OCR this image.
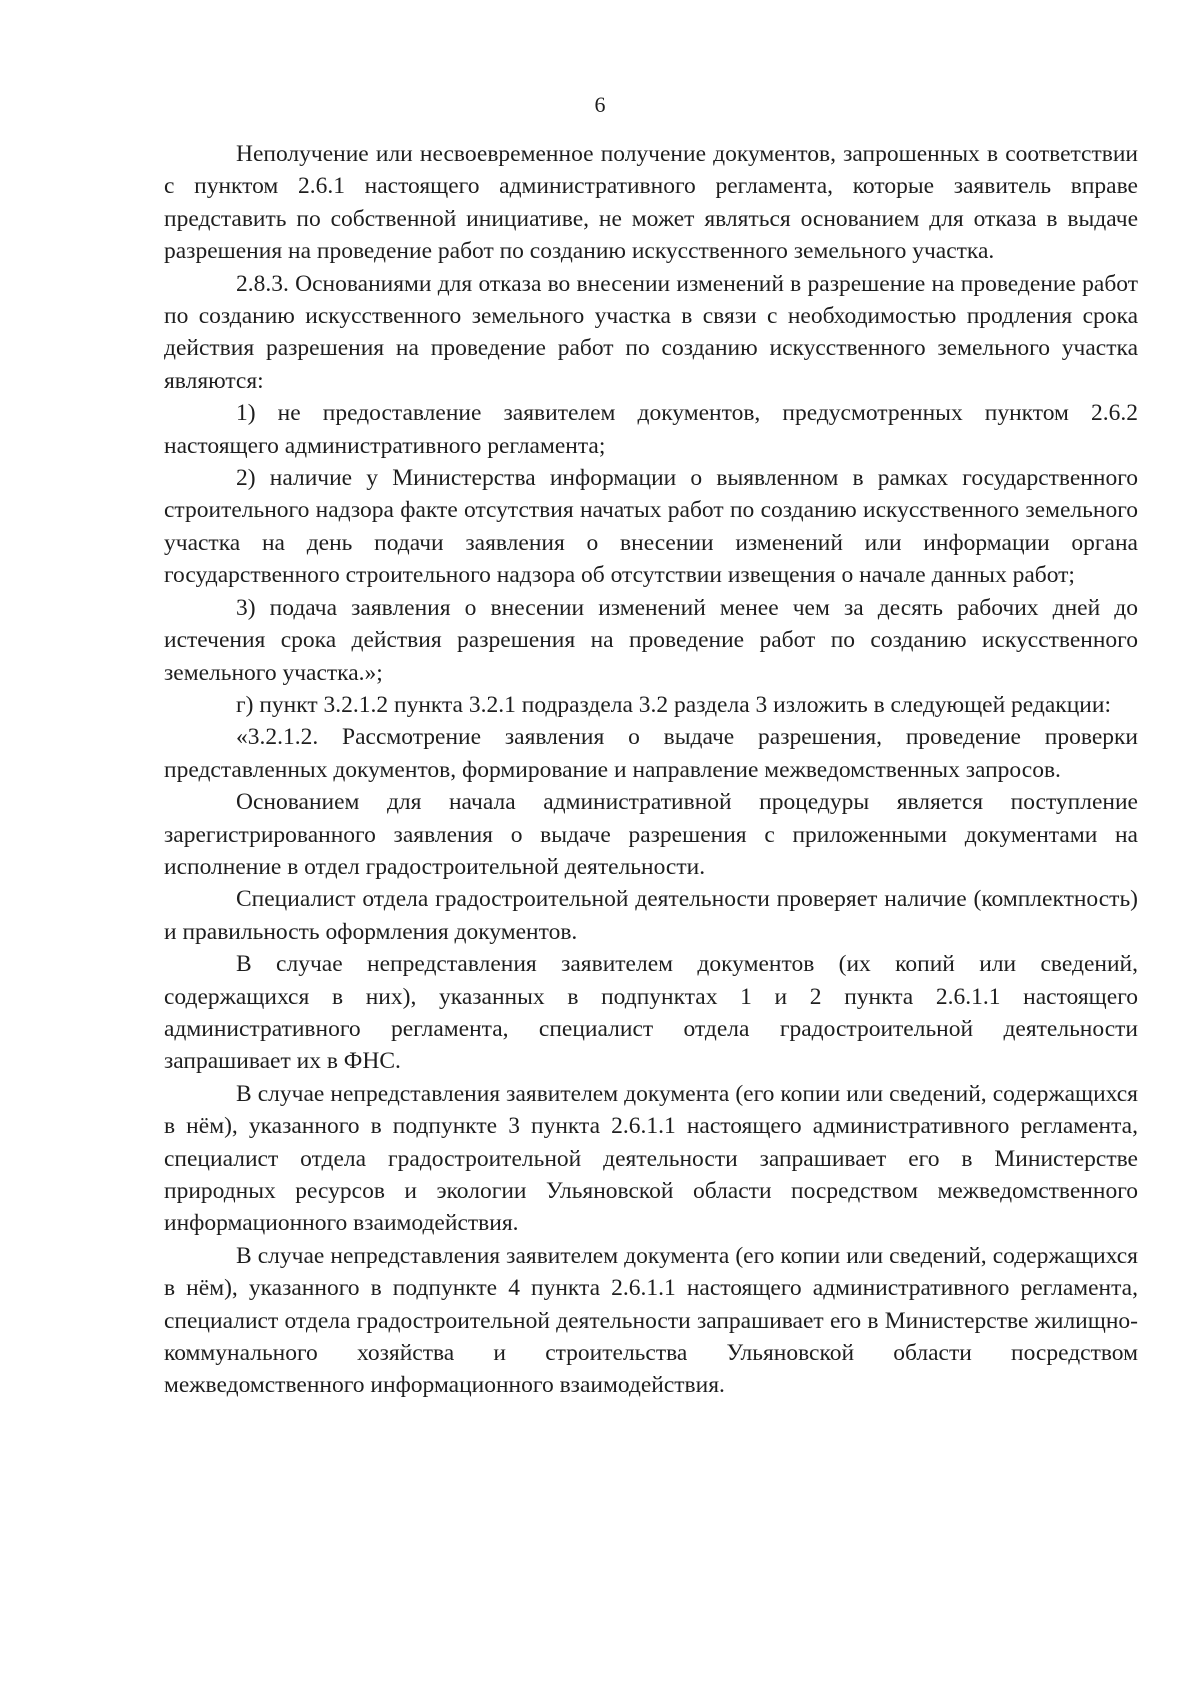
6

Неполучение или несвоевременное получение документов, запрошенных в соответствии с пунктом 2.6.1 настоящего административного регламента, которые заявитель вправе представить по собственной инициативе, не может являться основанием для отказа в выдаче разрешения на проведение работ по созданию искусственного земельного участка.

2.8.3. Основаниями для отказа во внесении изменений в разрешение на проведение работ по созданию искусственного земельного участка в связи с необходимостью продления срока действия разрешения на проведение работ по созданию искусственного земельного участка являются:

1) не предоставление заявителем документов, предусмотренных пунктом 2.6.2 настоящего административного регламента;

2) наличие у Министерства информации о выявленном в рамках государственного строительного надзора факте отсутствия начатых работ по созданию искусственного земельного участка на день подачи заявления о внесении изменений или информации органа государственного строительного надзора об отсутствии извещения о начале данных работ;

3) подача заявления о внесении изменений менее чем за десять рабочих дней до истечения срока действия разрешения на проведение работ по созданию искусственного земельного участка.»;

г) пункт 3.2.1.2 пункта 3.2.1 подраздела 3.2 раздела 3 изложить в следующей редакции:

«3.2.1.2. Рассмотрение заявления о выдаче разрешения, проведение проверки представленных документов, формирование и направление межведомственных запросов.

Основанием для начала административной процедуры является поступление зарегистрированного заявления о выдаче разрешения с приложенными документами на исполнение в отдел градостроительной деятельности.

Специалист отдела градостроительной деятельности проверяет наличие (комплектность) и правильность оформления документов.

В случае непредставления заявителем документов (их копий или сведений, содержащихся в них), указанных в подпунктах 1 и 2 пункта 2.6.1.1 настоящего административного регламента, специалист отдела градостроительной деятельности запрашивает их в ФНС.

В случае непредставления заявителем документа (его копии или сведений, содержащихся в нём), указанного в подпункте 3 пункта 2.6.1.1 настоящего административного регламента, специалист отдела градостроительной деятельности запрашивает его в Министерстве природных ресурсов и экологии Ульяновской области посредством межведомственного информационного взаимодействия.

В случае непредставления заявителем документа (его копии или сведений, содержащихся в нём), указанного в подпункте 4 пункта 2.6.1.1 настоящего административного регламента, специалист отдела градостроительной деятельности запрашивает его в Министерстве жилищно-коммунального хозяйства и строительства Ульяновской области посредством межведомственного информационного взаимодействия.
